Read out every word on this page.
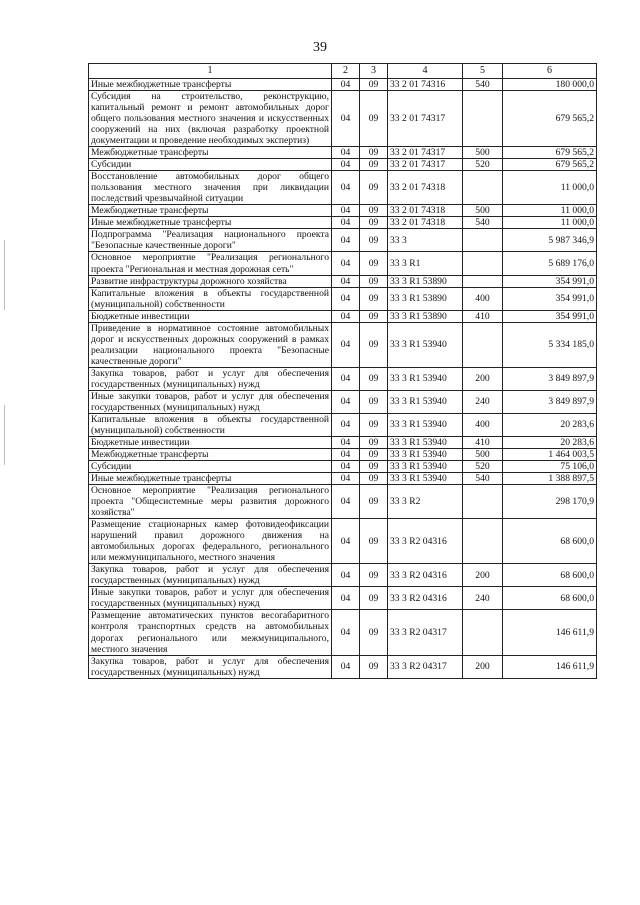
39
1	2	3	4	5	6
Иные межбюджетные трансферты	04	09	33 2 01 74316	540	180 000,0
Субсидия на строительство, реконструкцию, капитальный ремонт и ремонт автомобильных дорог общего пользования местного значения и искусственных сооружений на них (включая разработку проектной документации и проведение необходимых экспертиз)	04	09	33 2 01 74317		679 565,2
Межбюджетные трансферты	04	09	33 2 01 74317	500	679 565,2
Субсидии	04	09	33 2 01 74317	520	679 565,2
Восстановление автомобильных дорог общего пользования местного значения при ликвидации последствий чрезвычайной ситуации	04	09	33 2 01 74318		11 000,0
Межбюджетные трансферты	04	09	33 2 01 74318	500	11 000,0
Иные межбюджетные трансферты	04	09	33 2 01 74318	540	11 000,0
Подпрограмма "Реализация национального проекта "Безопасные качественные дороги"	04	09	33 3		5 987 346,9
Основное мероприятие "Реализация регионального проекта "Региональная и местная дорожная сеть"	04	09	33 3 R1		5 689 176,0
Развитие инфраструктуры дорожного хозяйства	04	09	33 3 R1 53890		354 991,0
Капитальные вложения в объекты государственной (муниципальной) собственности	04	09	33 3 R1 53890	400	354 991,0
Бюджетные инвестиции	04	09	33 3 R1 53890	410	354 991,0
Приведение в нормативное состояние автомобильных дорог и искусственных дорожных сооружений в рамках реализации национального проекта "Безопасные качественные дороги"	04	09	33 3 R1 53940		5 334 185,0
Закупка товаров, работ и услуг для обеспечения государственных (муниципальных) нужд	04	09	33 3 R1 53940	200	3 849 897,9
Иные закупки товаров, работ и услуг для обеспечения государственных (муниципальных) нужд	04	09	33 3 R1 53940	240	3 849 897,9
Капитальные вложения в объекты государственной (муниципальной) собственности	04	09	33 3 R1 53940	400	20 283,6
Бюджетные инвестиции	04	09	33 3 R1 53940	410	20 283,6
Межбюджетные трансферты	04	09	33 3 R1 53940	500	1 464 003,5
Субсидии	04	09	33 3 R1 53940	520	75 106,0
Иные межбюджетные трансферты	04	09	33 3 R1 53940	540	1 388 897,5
Основное мероприятие "Реализация регионального проекта "Общесистемные меры развития дорожного хозяйства"	04	09	33 3 R2		298 170,9
Размещение стационарных камер фотовидеофиксации нарушений правил дорожного движения на автомобильных дорогах федерального, регионального или межмуниципального, местного значения	04	09	33 3 R2 04316		68 600,0
Закупка товаров, работ и услуг для обеспечения государственных (муниципальных) нужд	04	09	33 3 R2 04316	200	68 600,0
Иные закупки товаров, работ и услуг для обеспечения государственных (муниципальных) нужд	04	09	33 3 R2 04316	240	68 600,0
Размещение автоматических пунктов весогабаритного контроля транспортных средств на автомобильных дорогах регионального или межмуниципального, местного значения	04	09	33 3 R2 04317		146 611,9
Закупка товаров, работ и услуг для обеспечения государственных (муниципальных) нужд	04	09	33 3 R2 04317	200	146 611,9
